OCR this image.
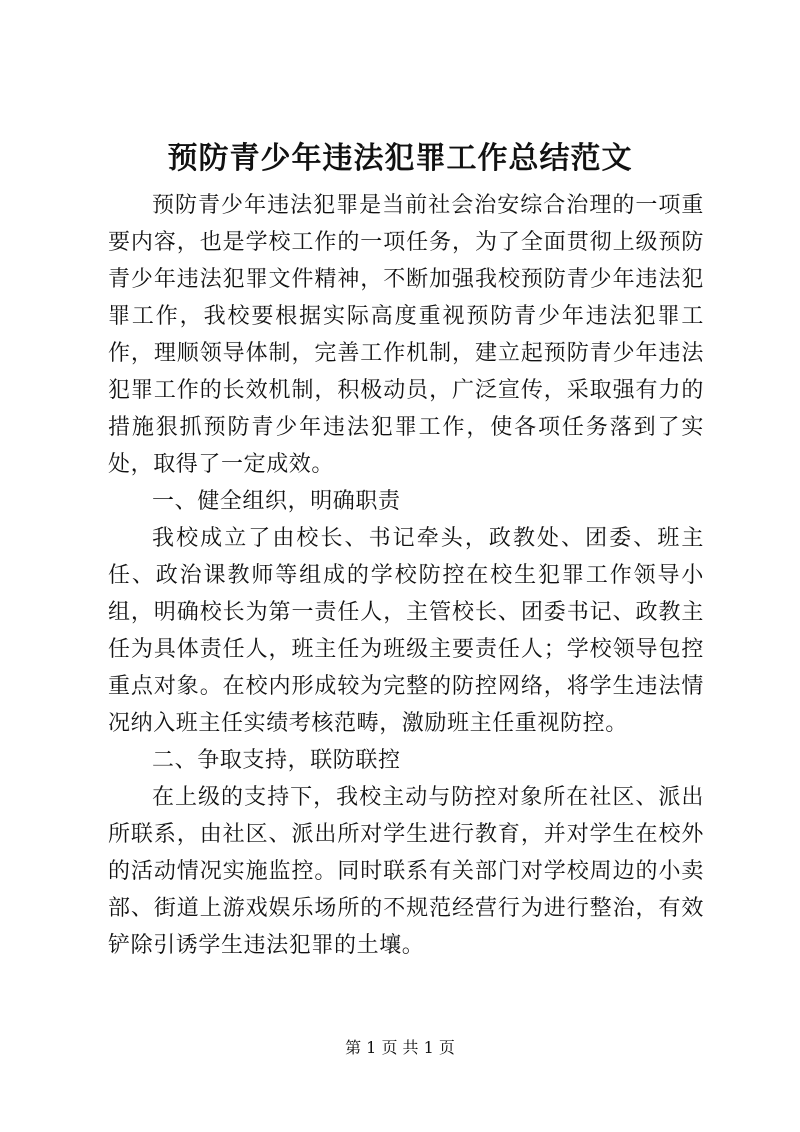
预防青少年违法犯罪工作总结范文

预防青少年违法犯罪是当前社会治安综合治理的一项重要内容，也是学校工作的一项任务，为了全面贯彻上级预防青少年违法犯罪文件精神，不断加强我校预防青少年违法犯罪工作，我校要根据实际高度重视预防青少年违法犯罪工作，理顺领导体制，完善工作机制，建立起预防青少年违法犯罪工作的长效机制，积极动员，广泛宣传，采取强有力的措施狠抓预防青少年违法犯罪工作，使各项任务落到了实处，取得了一定成效。

一、健全组织，明确职责

我校成立了由校长、书记牵头，政教处、团委、班主任、政治课教师等组成的学校防控在校生犯罪工作领导小组，明确校长为第一责任人，主管校长、团委书记、政教主任为具体责任人，班主任为班级主要责任人；学校领导包控重点对象。在校内形成较为完整的防控网络，将学生违法情况纳入班主任实绩考核范畴，激励班主任重视防控。

二、争取支持，联防联控

在上级的支持下，我校主动与防控对象所在社区、派出所联系，由社区、派出所对学生进行教育，并对学生在校外的活动情况实施监控。同时联系有关部门对学校周边的小卖部、街道上游戏娱乐场所的不规范经营行为进行整治，有效铲除引诱学生违法犯罪的土壤。

第 1 页 共 1 页
